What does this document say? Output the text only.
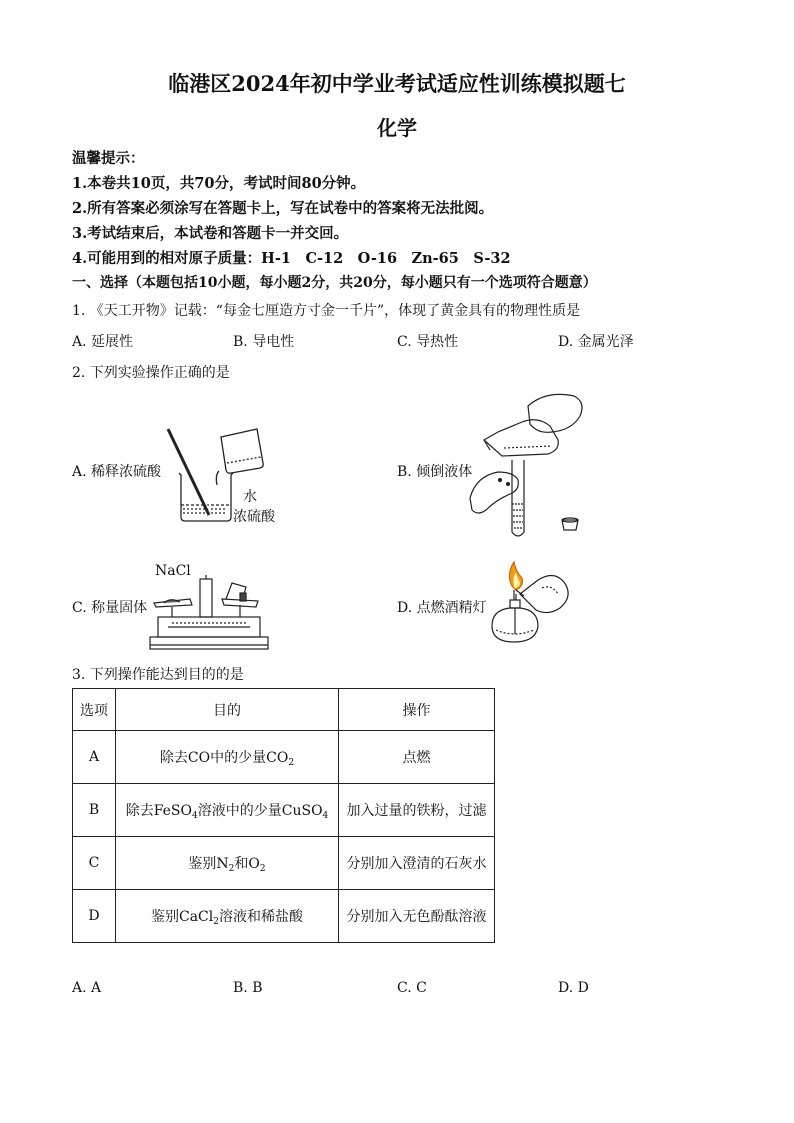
临港区2024年初中学业考试适应性训练模拟题七
化学
温馨提示：
1.本卷共10页，共70分，考试时间80分钟。
2.所有答案必须涂写在答题卡上，写在试卷中的答案将无法批阅。
3.考试结束后，本试卷和答题卡一并交回。
4.可能用到的相对原子质量：H-1　C-12　O-16　Zn-65　S-32
一、选择（本题包括10小题，每小题2分，共20分，每小题只有一个选项符合题意）
1. 《天工开物》记载：“每金七厘造方寸金一千片”，体现了黄金具有的物理性质是
A. 延展性	B. 导电性	C. 导热性	D. 金属光泽
2. 下列实验操作正确的是
A. 稀释浓硫酸	B. 倾倒液体
C. 称量固体	D. 点燃酒精灯
水
浓硫酸
NaCl
3. 下列操作能达到目的的是
选项	目的	操作
A	除去CO中的少量$CO_2$	点燃
B	除去FeSO$_4$溶液中的少量CuSO$_4$	加入过量的铁粉，过滤
C	鉴别$N_2$和$O_2$	分别加入澄清的石灰水
D	鉴别CaCl$_2$溶液和稀盐酸	分别加入无色酚酞溶液
A. A	B. B	C. C	D. D
